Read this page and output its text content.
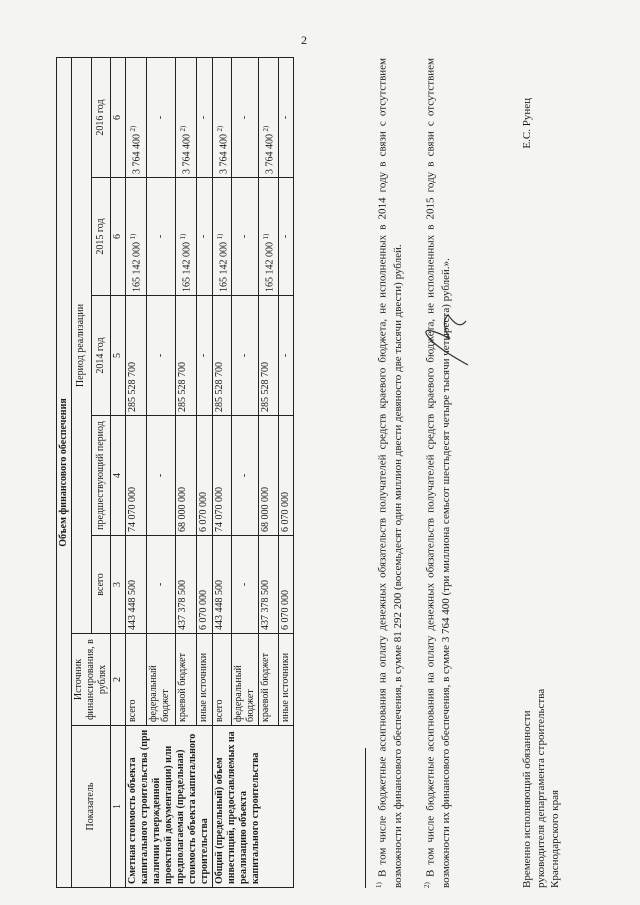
2
Объем финансового обеспечения						
Показатель	Источник финансирования, в рублях	Период реализации				
		всего	предшествующий период	2014 год	2015 год	2016 год
1	2	3	4	5	6	6
Сметная стоимость объекта капитального строительства (при наличии утвержденной проектной документации) или предполагаемая (предельная) стоимость объекта капитального строительства	всего	443 448 500	74 070 000	285 528 700	165 142 000 $^{1)}$	3 764 400 $^{2)}$
	федеральный бюджет	-	-	-	-	-
	краевой бюджет	437 378 500	68 000 000	285 528 700	165 142 000 $^{1)}$	3 764 400 $^{2)}$
	иные источники	6 070 000	6 070 000	-	-	-
Общий (предельный) объем инвестиций, предоставляемых на реализацию объекта капитального строительства	всего	443 448 500	74 070 000	285 528 700	165 142 000 $^{1)}$	3 764 400 $^{2)}$
	федеральный бюджет	-	-	-	-	-
	краевой бюджет	437 378 500	68 000 000	285 528 700	165 142 000 $^{1)}$	3 764 400 $^{2)}$
	иные источники	6 070 000	6 070 000	-	-	-
$^{1)}$ В том числе бюджетные ассигнования на оплату денежных обязательств получателей средств краевого бюджета, не исполненных в 2014 году в связи с отсутствием возможности их финансового обеспечения, в сумме 81 292 200 (восемьдесят один миллион двести девяносто две тысячи двести) рублей.	$^{2)}$ В том числе бюджетные ассигнования на оплату денежных обязательств получателей средств краевого бюджета, не исполненных в 2015 году в связи с отсутствием возможности их финансового обеспечения, в сумме 3 764 400 (три миллиона семьсот шестьдесят четыре тысячи четыреста) рублей.».	Временно исполняющий обязанности руководителя департамента строительства Краснодарского края
Е.С. Рунец
